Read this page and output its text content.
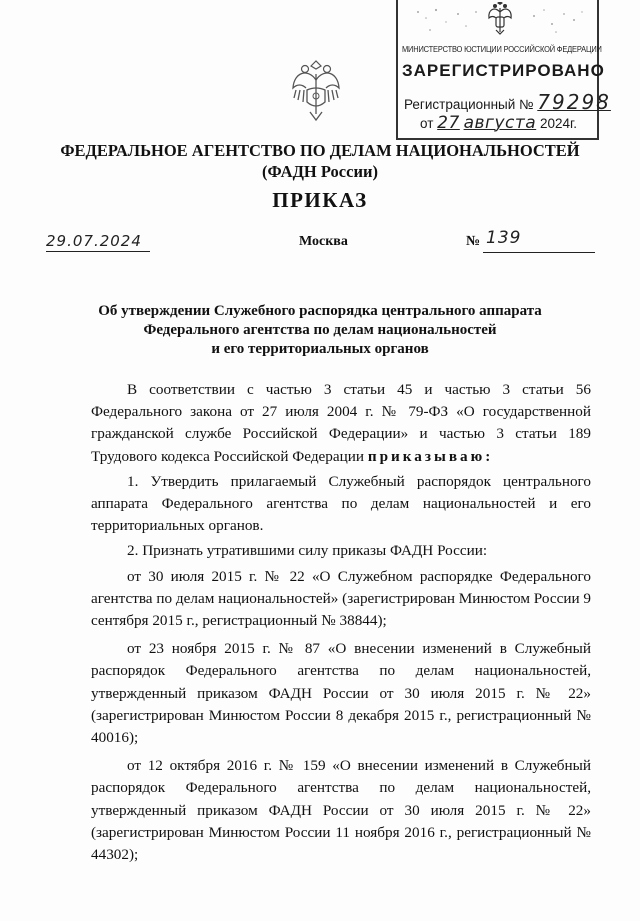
МИНИСТЕРСТВО ЮСТИЦИИ РОССИЙСКОЙ ФЕДЕРАЦИИ
ЗАРЕГИСТРИРОВАНО
Регистрационный № 79298
от 27 августа 2024г.
ФЕДЕРАЛЬНОЕ АГЕНТСТВО ПО ДЕЛАМ НАЦИОНАЛЬНОСТЕЙ
(ФАДН России)
ПРИКАЗ
29.07.2024	Москва	№ 139
Об утверждении Служебного распорядка центрального аппарата
Федерального агентства по делам национальностей
и его территориальных органов

В соответствии с частью 3 статьи 45 и частью 3 статьи 56 Федерального закона от 27 июля 2004 г. № 79-ФЗ «О государственной гражданской службе Российской Федерации» и частью 3 статьи 189 Трудового кодекса Российской Федерации приказываю:

1. Утвердить прилагаемый Служебный распорядок центрального аппарата Федерального агентства по делам национальностей и его территориальных органов.

2. Признать утратившими силу приказы ФАДН России:

от 30 июля 2015 г. № 22 «О Служебном распорядке Федерального агентства по делам национальностей» (зарегистрирован Минюстом России 9 сентября 2015 г., регистрационный № 38844);

от 23 ноября 2015 г. № 87 «О внесении изменений в Служебный распорядок Федерального агентства по делам национальностей, утвержденный приказом ФАДН России от 30 июля 2015 г. № 22» (зарегистрирован Минюстом России 8 декабря 2015 г., регистрационный № 40016);

от 12 октября 2016 г. № 159 «О внесении изменений в Служебный распорядок Федерального агентства по делам национальностей, утвержденный приказом ФАДН России от 30 июля 2015 г. № 22» (зарегистрирован Минюстом России 11 ноября 2016 г., регистрационный № 44302);
